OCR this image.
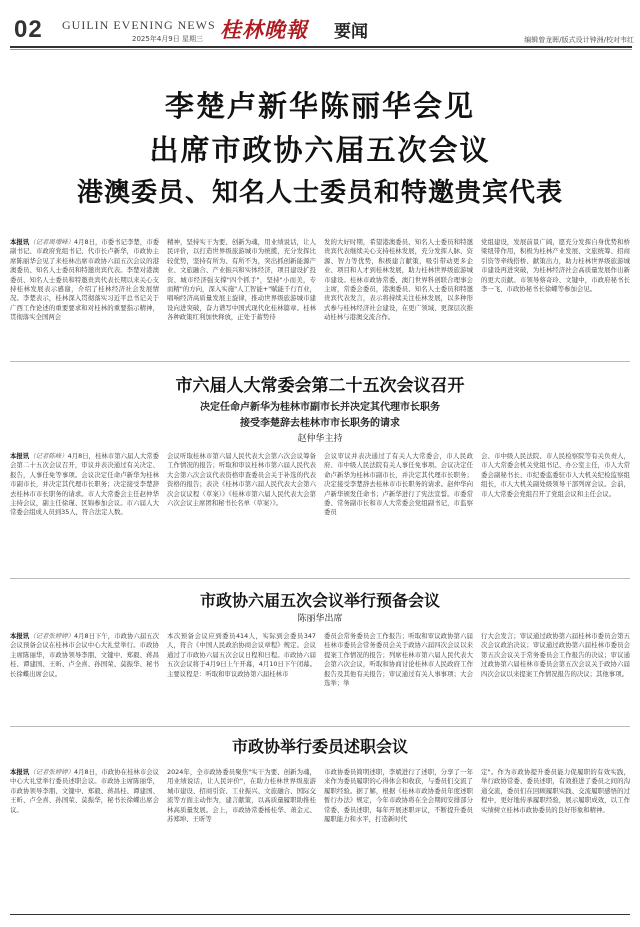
02 GUILIN EVENING NEWS
2025年4月9日 星期三 桂林晚報 要闻	编辑曾龙晖/版式设计钟洲/校对韦红
李楚卢新华陈丽华会见
出席市政协六届五次会议
港澳委员、知名人士委员和特邀贵宾代表
本报讯（记者周增峰）4月8日，市委书记李楚，市委副书记、市政府党组书记、代市长卢新华，市政协主席陈丽华会见了来桂林出席市政协六届五次会议的港澳委员、知名人士委员和特邀贵宾代表。李楚对港澳委员、知名人士委员和特邀贵宾代表长期以来关心支持桂林发展表示感谢，介绍了桂林经济社会发展情况。李楚表示，桂林深入贯彻落实习近平总书记关于广西工作论述的重要要求和对桂林的重要指示精神，贯彻落实全国两会
精神，坚持实干为要、创新为魂，用业绩说话，让人民评价，以打造世界级旅游城市为统揽，充分发挥比较优势，坚持有所为、有所不为，突出抓创新能源产业、文旅融合、产业振兴和实体经济，项目建设扩投资、城市经济强支撑"四个抓手"，坚持"小而美，专而精"的方向，深入实施"人工智能+"赋能千行百业，唱响经济高质量发展主旋律，推动世界级旅游城市建设向进突破，奋力谱写中国式现代化桂林篇章。桂林各种政策红利加快释放，正处于蓄势待
发的大好时期，希望港澳委员、知名人士委员和特邀贵宾代表继续关心支持桂林发展，充分发挥人脉、资源、智力等优势，积极建言献策，吸引带动更多企业、项目和人才到桂林发展，助力桂林世界级旅游城市建设。桂林市政协常委、澳门世界科创联合理事会主席，常委会委员，港澳委员、知名人士委员和特邀贵宾代表发言，表示将持续关注桂林发展，以多种形式参与桂林经济社会建设，在更广领域、更深层次推动桂林与港澳交流合作。
党组建设，发展前景广阔，愿充分发挥自身优势和桥梁纽带作用，积极为桂林产业发展、文旅统筹、招商引资等牵线搭桥、献策出力，助力桂林世界级旅游城市建设再进突破，为桂林经济社会高质量发展作出新的更大贡献。市领导蔡奇玲、文键中，市政府秘书长李一飞、市政协秘书长徐蝶等参加会见。
市六届人大常委会第二十五次会议召开
决定任命卢新华为桂林市副市长并决定其代理市长职务
接受李楚辞去桂林市市长职务的请求
赵仲华主持
本报讯（记者陈峰）4月8日，桂林市第六届人大常委会第二十五次会议召开，审议并表决通过有关决定、报告，人事任免等事项。会议决定任命卢新华为桂林市副市长，并决定其代理市长职务；决定接受李楚辞去桂林市市长职务的请求。市人大常委会主任赵仲华主持会议，副主任徐瑾、区锦参加会议。市六届人大常委会组成人员到35人，符合法定人数。
会议听取桂林市第六届人民代表大会第六次会议筹备工作情况的报告；听取和审议桂林市第六届人民代表大会第六次会议代表资格审查委员会关于补选的代表资格的报告；表决《桂林市第六届人民代表大会第六次会议议程（草案）》《桂林市第六届人民代表大会第六次会议主席团和秘书长名单（草案）》。
会议审议并表决通过了有关人大常委会，市人民政府、市中级人民法院有关人事任免事项。会议决定任命卢新华为桂林市副市长，并决定其代理市长职务；决定接受李楚辞去桂林市市长职务的请求。赵仲华向卢新华颁发任命书；卢新华进行了宪法宣誓。市委常委、常务副市长和市人大常委会党组副书记，市监察委员
会、市中级人民法院、市人民检察院等有关负责人，市人大常委会机关党组书记、办公室主任，市人大常委会副秘书长、市纪委监委驻市人大机关纪检监察组组长，市人大机关副处级领导干部列席会议。会前，市人大常委会党组召开了党组会议和主任会议。
市政协六届五次会议举行预备会议
陈丽华出席
本报讯（记者张婷婷）4月8日下午，市政协六届五次会议预备会议在桂林市会议中心大礼堂举行。市政协主席陈丽华，市政协领导李朋、文键中、郑毅、蒋昌桂、谭建国、王昕、卢全喜、孙国荣、莫振华、秘书长徐蝶出席会议。
本次预备会议应到委员414人，实际到会委员347人，符合《中国人民政治协商会议章程》规定。会议通过了市政协六届五次会议日程和日程。市政协六届五次会议将于4月9日上午开幕，4月10日下午闭幕。主要议程是：听取和审议政协第六届桂林市
委员会常务委员会工作报告；听取和审议政协第六届桂林市委员会常务委员会关于政协六届四次会议以来提案工作情况的报告；列席桂林市第六届人民代表大会第六次会议，听取和协商讨论桂林市人民政府工作报告及其他有关报告；审议通过有关人事事项；大会选举；举
行大会发言；审议通过政协第六届桂林市委员会第五次会议政治决议；审议通过政协第六届桂林市委员会第五次会议关于常务委员会工作报告的决议；审议通过政协第六届桂林市委员会第五次会议关于政协六届四次会议以来提案工作情况报告的决议；其他事项。
市政协举行委员述职会议
本报讯（记者张婷婷）4月8日，市政协在桂林市会议中心大礼堂举行委员述职会议。市政协主席陈丽华，市政协领导李朋、文键中、郑毅、蒋昌桂、谭建国、王昕、卢全喜、孙国荣、莫振华，秘书长徐蝶出席会议。
2024年，全市政协委员聚焦"实干为要、创新为魂，用业绩说话，让人民评价"，在助力桂林世界级旅游城市建设、招商引资、工业振兴、文旅融合、国际交流等方面主动作为，建言献策，以高质量履职助推桂林高质量发展。会上，市政协常委杨桂华、萧金元、苏郑坤、王昕等
市政协委员简明述职，李斌进行了述职，分享了一年来作为委员履职的心得体会和收获，与委员们交流了履职经验。据了解，根据《桂林市政协委员年度述职暂行办法》规定，今年市政协将在全会期间安排部分常委、委员述职，每年开展述职评议，不断提升委员履职能力和水平，打造新时代
定"。作为市政协提升委员能力促履职的有效实践，举行政协常委、委员述职，有效推进了委员之间的沟通交流，委员们在回顾履职实践、交流履职感悟的过程中，更好地传承履职经验，展示履职成效，以工作实绩树立桂林市政协委员的良好形象和精神。
